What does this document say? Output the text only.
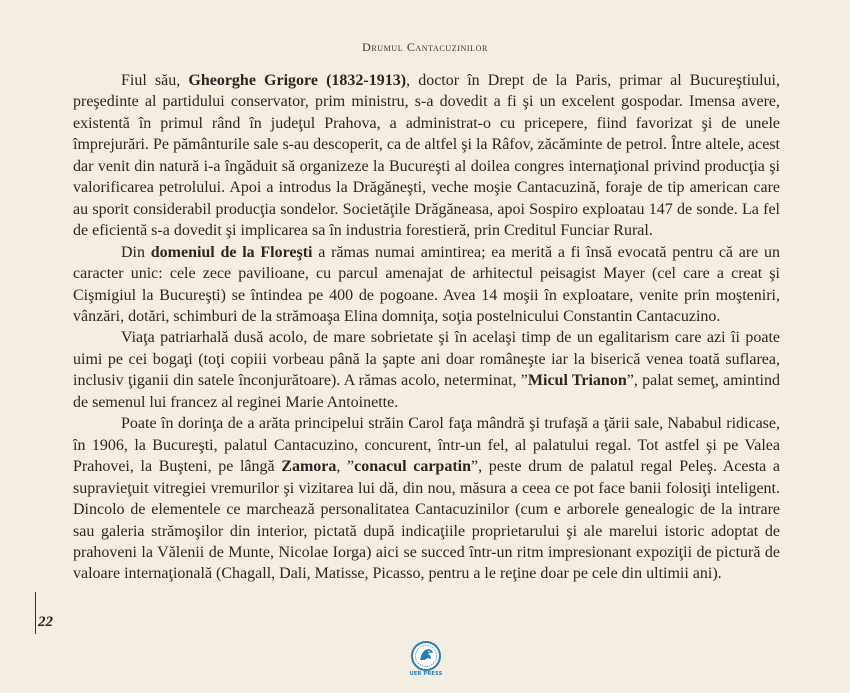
Drumul Cantacuzinilor

Fiul său, Gheorghe Grigore (1832-1913), doctor în Drept de la Paris, primar al Bucureştiului, preşedinte al partidului conservator, prim ministru, s-a dovedit a fi şi un excelent gospodar. Imensa avere, existentă în primul rând în judeţul Prahova, a administrat-o cu pricepere, fiind favorizat şi de unele împrejurări. Pe pământurile sale s-au descoperit, ca de altfel şi la Râfov, zăcăminte de petrol. Între altele, acest dar venit din natură i-a îngăduit să organizeze la Bucureşti al doilea congres internaţional privind producţia şi valorificarea petrolului. Apoi a introdus la Drăgăneşti, veche moşie Cantacuzină, foraje de tip american care au sporit considerabil producţia sondelor. Societăţile Drăgăneasa, apoi Sospiro exploatau 147 de sonde. La fel de eficientă s-a dovedit şi implicarea sa în industria forestieră, prin Creditul Funciar Rural.

Din domeniul de la Floreşti a rămas numai amintirea; ea merită a fi însă evocată pentru că are un caracter unic: cele zece pavilioane, cu parcul amenajat de arhitectul peisagist Mayer (cel care a creat şi Cişmigiul la Bucureşti) se întindea pe 400 de pogoane. Avea 14 moşii în exploatare, venite prin moşteniri, vânzări, dotări, schimburi de la strămoaşa Elina domniţa, soţia postelnicului Constantin Cantacuzino.

Viaţa patriarhală dusă acolo, de mare sobrietate şi în acelaşi timp de un egalitarism care azi îi poate uimi pe cei bogaţi (toţi copiii vorbeau până la şapte ani doar româneşte iar la biserică venea toată suflarea, inclusiv ţiganii din satele înconjurătoare). A rămas acolo, neterminat, ”Micul Trianon”, palat semeţ, amintind de semenul lui francez al reginei Marie Antoinette.

Poate în dorinţa de a arăta principelui străin Carol faţa mândră şi trufaşă a ţării sale, Nababul ridicase, în 1906, la Bucureşti, palatul Cantacuzino, concurent, într-un fel, al palatului regal. Tot astfel şi pe Valea Prahovei, la Buşteni, pe lângă Zamora, ”conacul carpatin”, peste drum de palatul regal Peleş. Acesta a supravieţuit vitregiei vremurilor şi vizitarea lui dă, din nou, măsura a ceea ce pot face banii folosiţi inteligent. Dincolo de elementele ce marchează personalitatea Cantacuzinilor (cum e arborele genealogic de la intrare sau galeria strămoşilor din interior, pictată după indicaţiile proprietarului şi ale marelui istoric adoptat de prahoveni la Vălenii de Munte, Nicolae Iorga) aici se succed într-un ritm impresionant expoziţii de pictură de valoare internaţională (Chagall, Dali, Matisse, Picasso, pentru a le reţine doar pe cele din ultimii ani).

22
UER PRESS
